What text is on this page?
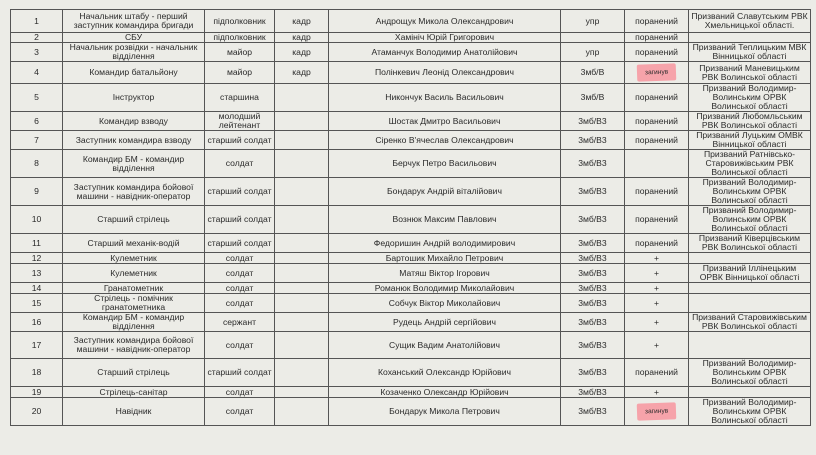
1	Начальник штабу - перший заступник командира бригади	підполковник	кадр	Андрощук Микола Олександрович	упр	поранений	Призваний Славутським РВК Хмельницької області.
2	СБУ	підполковник	кадр	Хамініч Юрій Григорович		поранений	
3	Начальник розвідки - начальник відділення	майор	кадр	Атаманчук Володимир Анатолійович	упр	поранений	Призваний Теплицьким МВК Вінницької області
4	Командир батальйону	майор	кадр	Полінкевич Леонід Олександрович	3мб/В	загинув	Призваний Маневицьким РВК Волинської області
5	Інструктор	старшина		Никончук Василь Васильович	3мб/В	поранений	Призваний Володимир-Волинським ОРВК Волинської області
6	Командир взводу	молодший лейтенант		Шостак Дмитро Васильович	3мб/В3	поранений	Призваний Любомльським РВК Волинської області
7	Заступник командира взводу	старший солдат		Сіренко В'ячеслав Олександрович	3мб/В3	поранений	Призваний Луцьким ОМВК Вінницької області
8	Командир БМ - командир відділення	солдат		Берчук Петро Васильович	3мб/В3		Призваний Ратнівсько-Старовижівським РВК Волинської області
9	Заступник командира бойової машини - навідник-оператор	старший солдат		Бондарук Андрій віталійович	3мб/В3	поранений	Призваний Володимир-Волинським ОРВК Волинської області
10	Старший стрілець	старший солдат		Вознюк Максим Павлович	3мб/В3	поранений	Призваний Володимир-Волинським ОРВК Волинської області
11	Старший механік-водій	старший солдат		Федоришин Андрій володимирович	3мб/В3	поранений	Призваний Ківерцівським РВК Волинської області
12	Кулеметник	солдат		Бартошик Михайло Петрович	3мб/В3	+	
13	Кулеметник	солдат		Матяш Віктор Ігорович	3мб/В3	+	Призваний Іллінецьким ОРВК Вінницької області
14	Гранатометник	солдат		Романюк Володимир Миколайович	3мб/В3	+	
15	Стрілець - помічник гранатометника	солдат		Собчук Віктор Миколайович	3мб/В3	+	
16	Командир БМ - командир відділення	сержант		Рудець Андрій сергійович	3мб/В3	+	Призваний Старовижівським РВК Волинської області
17	Заступник командира бойової машини - навідник-оператор	солдат		Сущик Вадим Анатолійович	3мб/В3	+	
18	Старший стрілець	старший солдат		Коханський Олександр Юрійович	3мб/В3	поранений	Призваний Володимир-Волинським ОРВК Волинської області
19	Стрілець-санітар	солдат		Козаченко Олександр Юрійович	3мб/В3	+	
20	Навідник	солдат		Бондарук Микола Петрович	3мб/В3	загинув	Призваний Володимир-Волинським ОРВК Волинської області
